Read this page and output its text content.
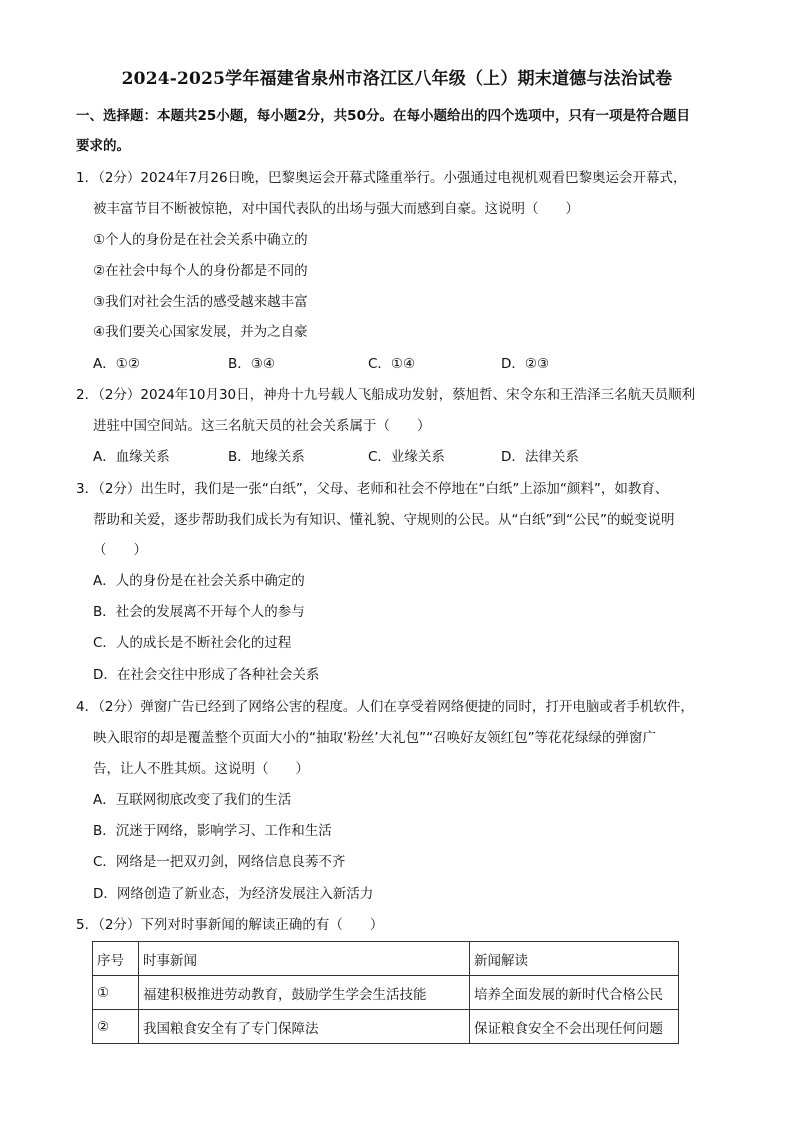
2024-2025学年福建省泉州市洛江区八年级（上）期末道德与法治试卷
一、选择题：本题共25小题，每小题2分，共50分。在每小题给出的四个选项中，只有一项是符合题目
要求的。
1．（2分）2024年7月26日晚，巴黎奥运会开幕式隆重举行。小强通过电视机观看巴黎奥运会开幕式，
被丰富节目不断被惊艳，对中国代表队的出场与强大而感到自豪。这说明（　　）
①个人的身份是在社会关系中确立的
②在社会中每个人的身份都是不同的
③我们对社会生活的感受越来越丰富
④我们要关心国家发展，并为之自豪
A．①②	B．③④	C．①④	D．②③
2．（2分）2024年10月30日，神舟十九号载人飞船成功发射，蔡旭哲、宋令东和王浩泽三名航天员顺利
进驻中国空间站。这三名航天员的社会关系属于（　　）
A．血缘关系	B．地缘关系	C．业缘关系	D．法律关系
3．（2分）出生时，我们是一张“白纸”，父母、老师和社会不停地在“白纸”上添加“颜料”，如教育、
帮助和关爱，逐步帮助我们成长为有知识、懂礼貌、守规则的公民。从“白纸”到“公民”的蜕变说明
（　　）
A．人的身份是在社会关系中确定的
B．社会的发展离不开每个人的参与
C．人的成长是不断社会化的过程
D．在社会交往中形成了各种社会关系
4．（2分）弹窗广告已经到了网络公害的程度。人们在享受着网络便捷的同时，打开电脑或者手机软件，
映入眼帘的却是覆盖整个页面大小的“抽取‘粉丝’大礼包”“召唤好友领红包”等花花绿绿的弹窗广
告，让人不胜其烦。这说明（　　）
A．互联网彻底改变了我们的生活
B．沉迷于网络，影响学习、工作和生活
C．网络是一把双刃剑，网络信息良莠不齐
D．网络创造了新业态，为经济发展注入新活力
5．（2分）下列对时事新闻的解读正确的有（　　）
序号	时事新闻	新闻解读
①	福建积极推进劳动教育，鼓励学生学会生活技能	培养全面发展的新时代合格公民
②	我国粮食安全有了专门保障法	保证粮食安全不会出现任何问题
